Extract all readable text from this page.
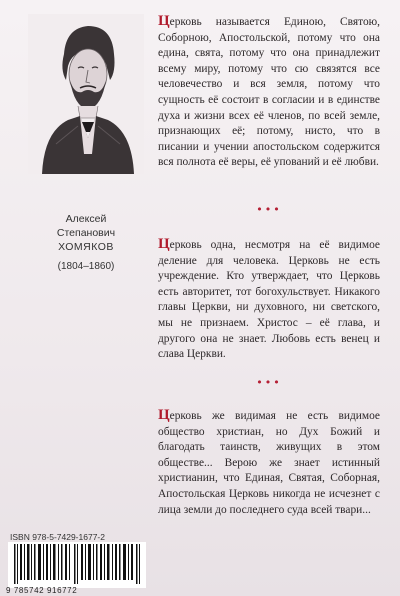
Алексей
Степанович
ХОМЯКОВ
(1804–1860)

Церковь называется Единою, Святою, Соборною, Апостольской, потому что она едина, свята, потому что она принадлежит всему миру, потому что сю связятся все человечество и вся земля, потому что сущность её состоит в согласии и в единстве духа и жизни всех её членов, по всей земле, признающих её; потому, нисто, что в писании и учении апостольском содержится вся полнота её веры, её упований и её любви.

•••

Церковь одна, несмотря на её видимое деление для человека. Церковь не есть учреждение. Кто утверждает, что Церковь есть авторитет, тот богохульствует. Никакого главы Церкви, ни духовного, ни светского, мы не признаем. Христос – её глава, и другого она не знает. Любовь есть венец и слава Церкви.

•••

Церковь же видимая не есть видимое общество христиан, но Дух Божий и благодать таинств, живущих в этом обществе... Верою же знает истинный христианин, что Единая, Святая, Соборная, Апостольская Церковь никогда не исчезнет с лица земли до последнего суда всей твари...

ISBN 978-5-7429-1677-2
9 785742 916772
